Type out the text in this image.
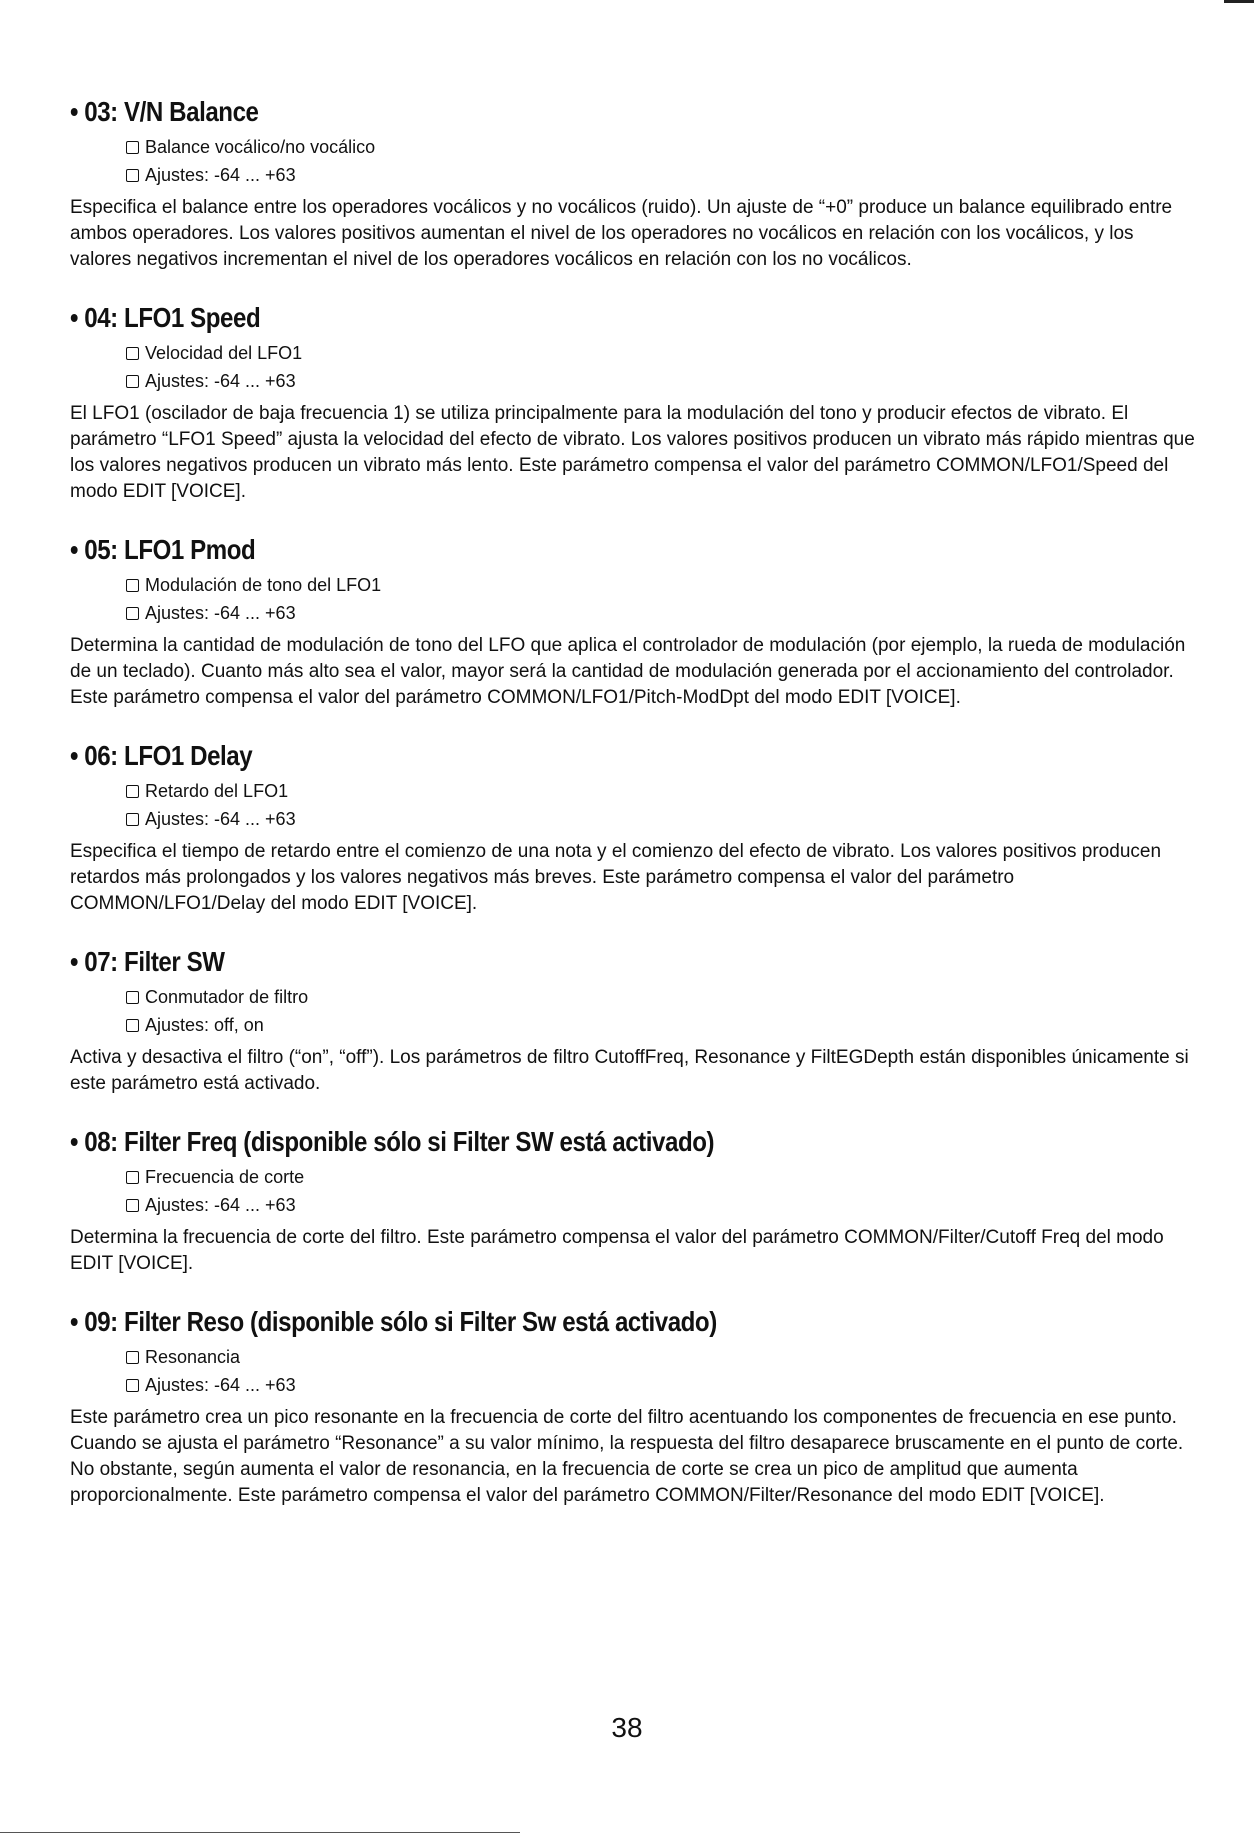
• 03: V/N Balance
Balance vocálico/no vocálico
Ajustes: -64 ... +63
Especifica el balance entre los operadores vocálicos y no vocálicos (ruido). Un ajuste de “+0” produce un balance equilibrado entre ambos operadores. Los valores positivos aumentan el nivel de los operadores no vocálicos en relación con los vocálicos, y los valores negativos incrementan el nivel de los operadores vocálicos en relación con los no vocálicos.
• 04: LFO1 Speed
Velocidad del LFO1
Ajustes: -64 ... +63
El LFO1 (oscilador de baja frecuencia 1) se utiliza principalmente para la modulación del tono y producir efectos de vibrato. El parámetro “LFO1 Speed” ajusta la velocidad del efecto de vibrato. Los valores positivos producen un vibrato más rápido mientras que los valores negativos producen un vibrato más lento. Este parámetro compensa el valor del parámetro COMMON/LFO1/Speed del modo EDIT [VOICE].
• 05: LFO1 Pmod
Modulación de tono del LFO1
Ajustes: -64 ... +63
Determina la cantidad de modulación de tono del LFO que aplica el controlador de modulación (por ejemplo, la rueda de modulación de un teclado). Cuanto más alto sea el valor, mayor será la cantidad de modulación generada por el accionamiento del controlador. Este parámetro compensa el valor del parámetro COMMON/LFO1/Pitch-ModDpt del modo EDIT [VOICE].
• 06: LFO1 Delay
Retardo del LFO1
Ajustes: -64 ... +63
Especifica el tiempo de retardo entre el comienzo de una nota y el comienzo del efecto de vibrato. Los valores positivos producen retardos más prolongados y los valores negativos más breves. Este parámetro compensa el valor del parámetro COMMON/LFO1/Delay del modo EDIT [VOICE].
• 07: Filter SW
Conmutador de filtro
Ajustes: off, on
Activa y desactiva el filtro (“on”, “off”). Los parámetros de filtro CutoffFreq, Resonance y FiltEGDepth están disponibles únicamente si este parámetro está activado.
• 08: Filter Freq (disponible sólo si Filter SW está activado)
Frecuencia de corte
Ajustes: -64 ... +63
Determina la frecuencia de corte del filtro. Este parámetro compensa el valor del parámetro COMMON/Filter/Cutoff Freq del modo EDIT [VOICE].
• 09: Filter Reso (disponible sólo si Filter Sw está activado)
Resonancia
Ajustes: -64 ... +63
Este parámetro crea un pico resonante en la frecuencia de corte del filtro acentuando los componentes de frecuencia en ese punto. Cuando se ajusta el parámetro “Resonance” a su valor mínimo, la respuesta del filtro desaparece bruscamente en el punto de corte. No obstante, según aumenta el valor de resonancia, en la frecuencia de corte se crea un pico de amplitud que aumenta proporcionalmente. Este parámetro compensa el valor del parámetro COMMON/Filter/Resonance del modo EDIT [VOICE].
38
